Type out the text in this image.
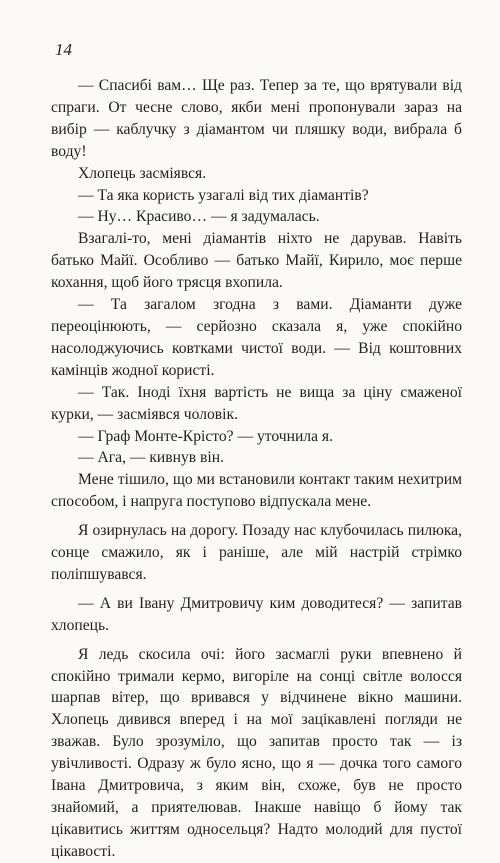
14

— Спасибі вам… Ще раз. Тепер за те, що врятували від спраги. От чесне слово, якби мені пропонували зараз на вибір — каблучку з діамантом чи пляшку води, вибрала б воду!

Хлопець засміявся.

— Та яка користь узагалі від тих діамантів?

— Ну… Красиво… — я задумалась.

Взагалі-то, мені діамантів ніхто не дарував. Навіть батько Майї. Особливо — батько Майї, Кирило, моє перше кохання, щоб його трясця вхопила.

— Та загалом згодна з вами. Діаманти дуже переоцінюють, — серйозно сказала я, уже спокійно насолоджуючись ковтками чистої води. — Від коштовних камінців жодної користі.

— Так. Іноді їхня вартість не вища за ціну смаженої курки, — засміявся чоловік.

— Граф Монте-Крісто? — уточнила я.

— Ага, — кивнув він.

Мене тішило, що ми встановили контакт таким нехитрим способом, і напруга поступово відпускала мене.

Я озирнулась на дорогу. Позаду нас клубочилась пилюка, сонце смажило, як і раніше, але мій настрій стрімко поліпшувався.

— А ви Івану Дмитровичу ким доводитеся? — запитав хлопець.

Я ледь скосила очі: його засмаглі руки впевнено й спокійно тримали кермо, вигоріле на сонці світле волосся шарпав вітер, що вривався у відчинене вікно машини. Хлопець дивився вперед і на мої зацікавлені погляди не зважав. Було зрозуміло, що запитав просто так — із увічливості. Одразу ж було ясно, що я — дочка того самого Івана Дмитровича, з яким він, схоже, був не просто знайомий, а приятелював. Інакше навіщо б йому так цікавитись життям односельця? Надто молодий для пустої цікавості.
